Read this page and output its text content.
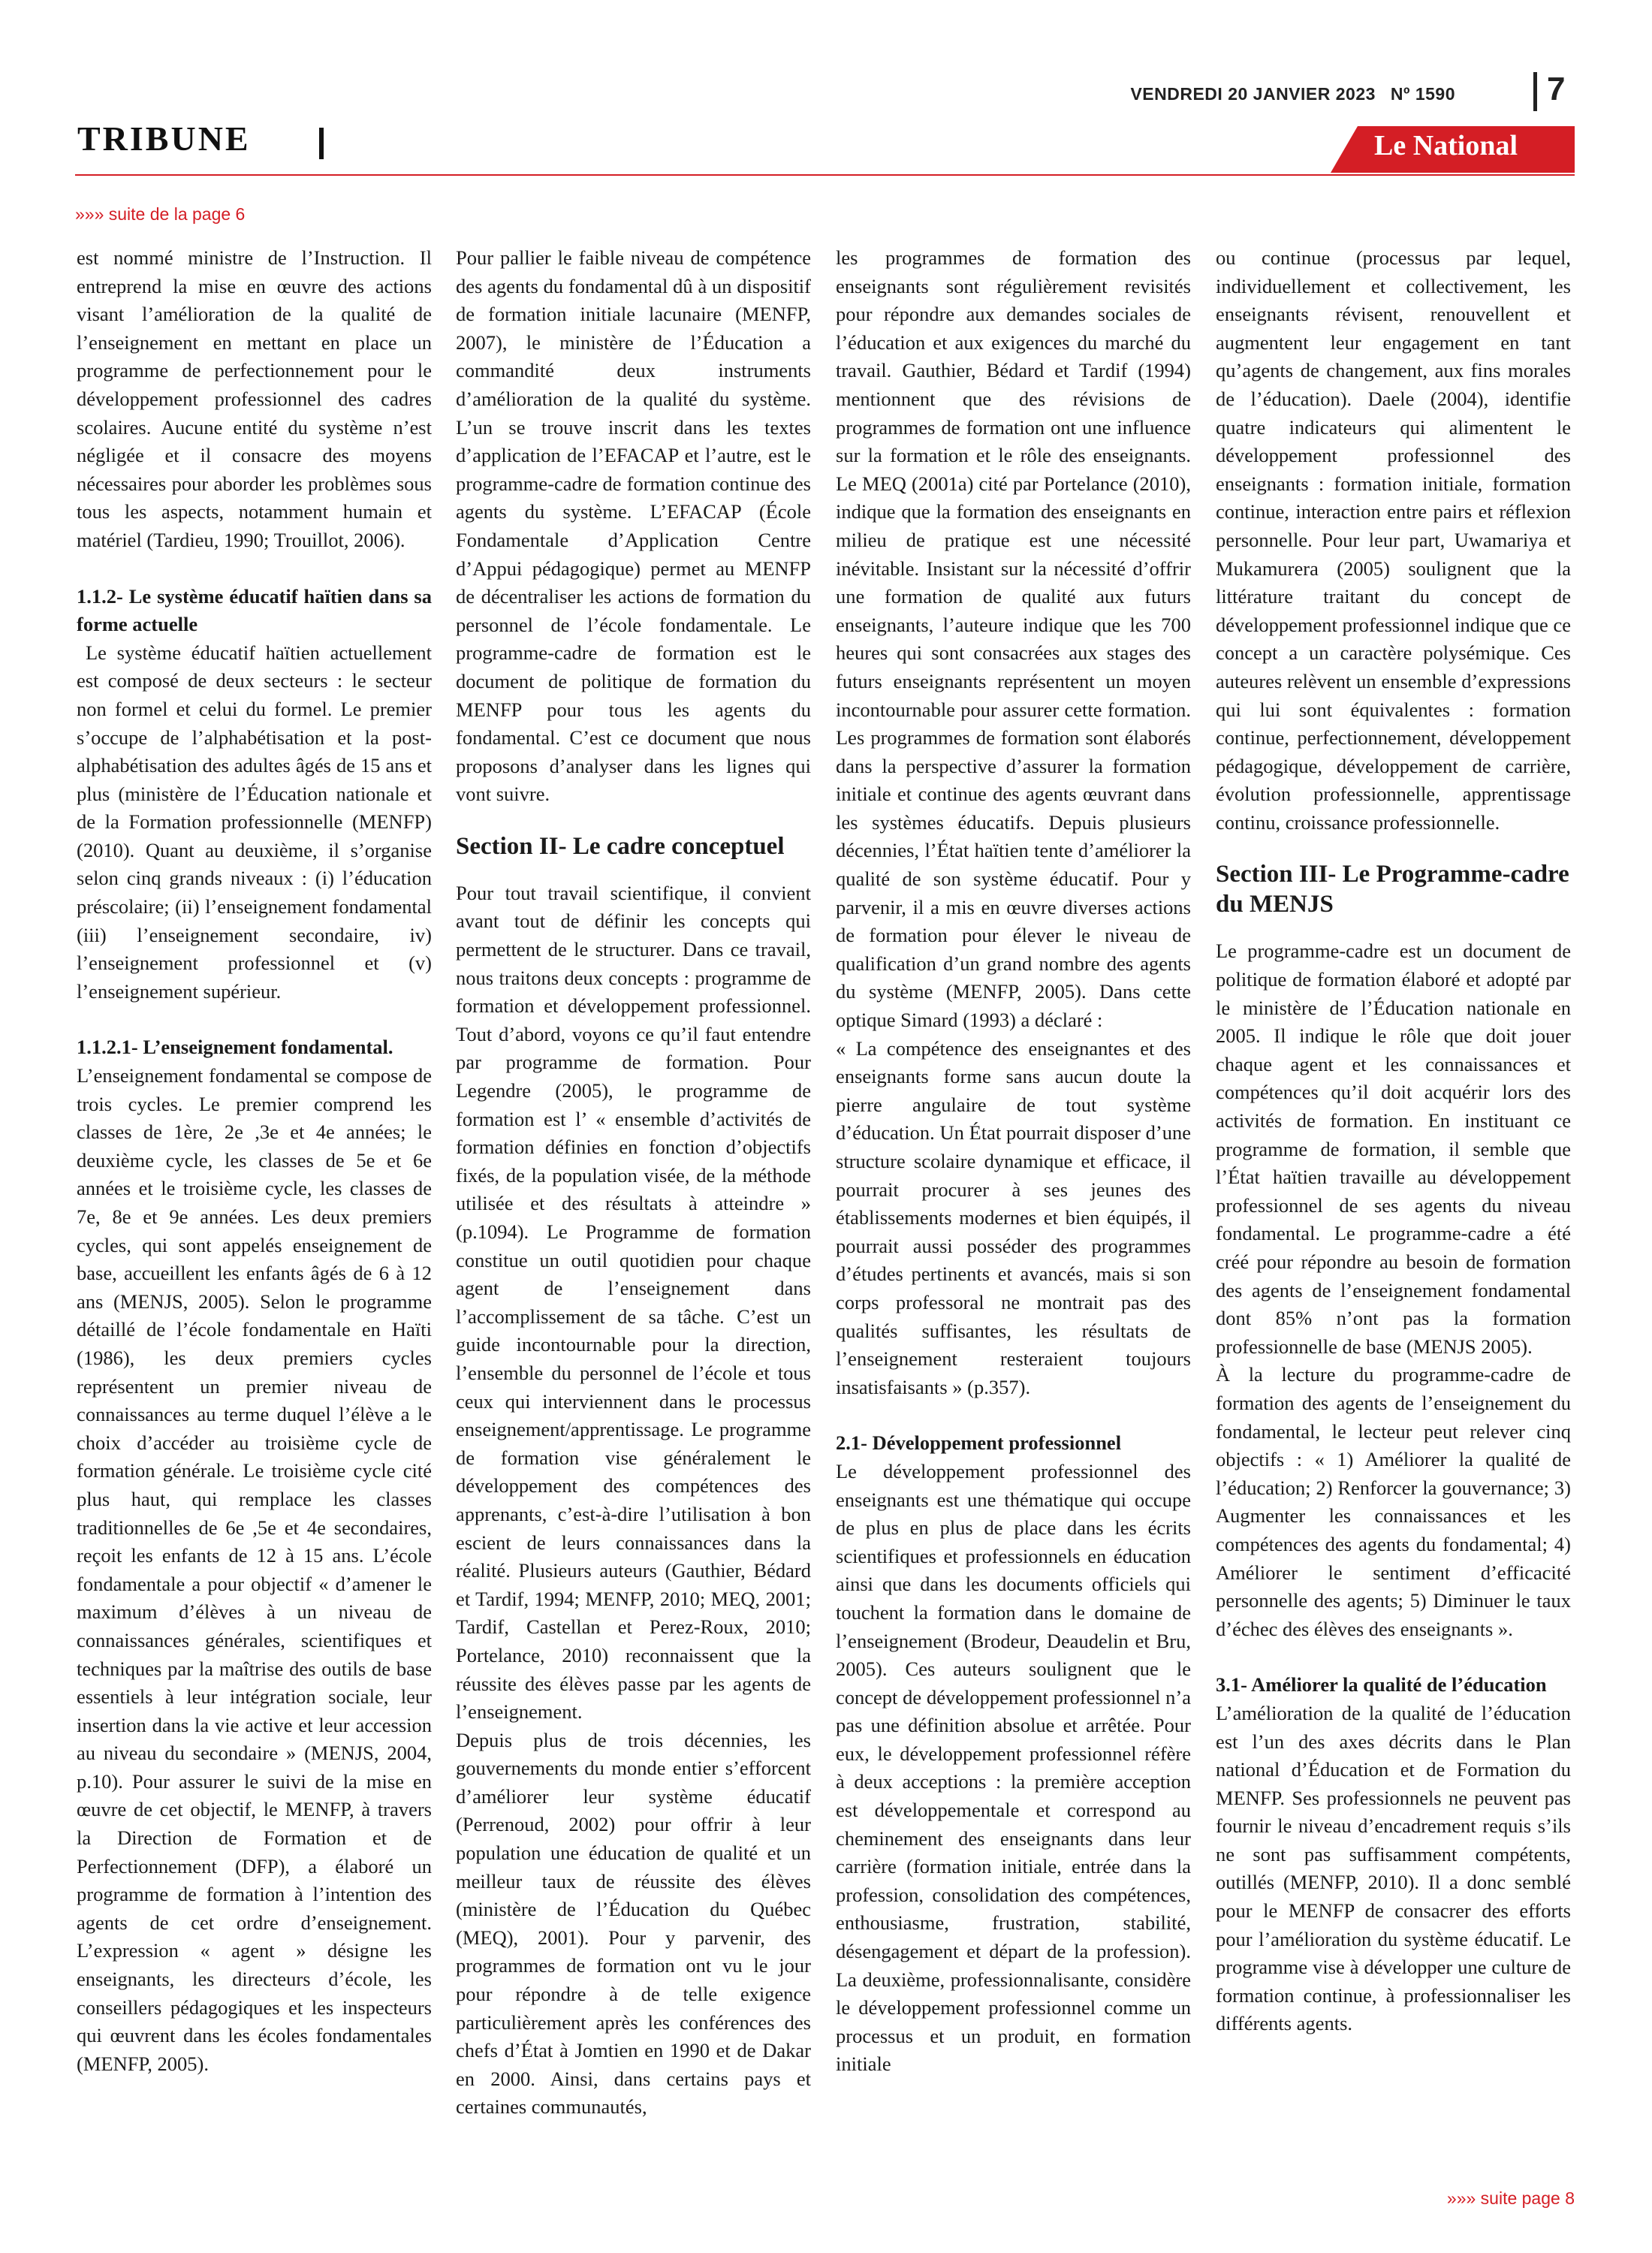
VENDREDI 20 JANVIER 2023 Nº 1590	7
TRIBUNE	Le National
»»» suite de la page 6

est nommé ministre de l’Instruction. Il entreprend la mise en œuvre des actions visant l’amélioration de la qualité de l’enseignement en mettant en place un programme de perfectionnement pour le développement professionnel des cadres scolaires. Aucune entité du système n’est négligée et il consacre des moyens nécessaires pour aborder les problèmes sous tous les aspects, notamment humain et matériel (Tardieu, 1990; Trouillot, 2006).

1.1.2- Le système éducatif haïtien dans sa forme actuelle

Le système éducatif haïtien actuellement est composé de deux secteurs : le secteur non formel et celui du formel. Le premier s’occupe de l’alphabétisation et la post-alphabétisation des adultes âgés de 15 ans et plus (ministère de l’Éducation nationale et de la Formation professionnelle (MENFP) (2010). Quant au deuxième, il s’organise selon cinq grands niveaux : (i) l’éducation préscolaire; (ii) l’enseignement fondamental (iii) l’enseignement secondaire, iv) l’enseignement professionnel et (v) l’enseignement supérieur.

1.1.2.1- L’enseignement fondamental.

L’enseignement fondamental se compose de trois cycles. Le premier comprend les classes de 1ère, 2e ,3e et 4e années; le deuxième cycle, les classes de 5e et 6e années et le troisième cycle, les classes de 7e, 8e et 9e années. Les deux premiers cycles, qui sont appelés enseignement de base, accueillent les enfants âgés de 6 à 12 ans (MENJS, 2005). Selon le programme détaillé de l’école fondamentale en Haïti (1986), les deux premiers cycles représentent un premier niveau de connaissances au terme duquel l’élève a le choix d’accéder au troisième cycle de formation générale. Le troisième cycle cité plus haut, qui remplace les classes traditionnelles de 6e ,5e et 4e secondaires, reçoit les enfants de 12 à 15 ans. L’école fondamentale a pour objectif « d’amener le maximum d’élèves à un niveau de connaissances générales, scientifiques et techniques par la maîtrise des outils de base essentiels à leur intégration sociale, leur insertion dans la vie active et leur accession au niveau du secondaire » (MENJS, 2004, p.10). Pour assurer le suivi de la mise en œuvre de cet objectif, le MENFP, à travers la Direction de Formation et de Perfectionnement (DFP), a élaboré un programme de formation à l’intention des agents de cet ordre d’enseignement. L’expression « agent » désigne les enseignants, les directeurs d’école, les conseillers pédagogiques et les inspecteurs qui œuvrent dans les écoles fondamentales (MENFP, 2005).

Pour pallier le faible niveau de compétence des agents du fondamental dû à un dispositif de formation initiale lacunaire (MENFP, 2007), le ministère de l’Éducation a commandité deux instruments d’amélioration de la qualité du système. L’un se trouve inscrit dans les textes d’application de l’EFACAP et l’autre, est le programme-cadre de formation continue des agents du système. L’EFACAP (École Fondamentale d’Application Centre d’Appui pédagogique) permet au MENFP de décentraliser les actions de formation du personnel de l’école fondamentale. Le programme-cadre de formation est le document de politique de formation du MENFP pour tous les agents du fondamental. C’est ce document que nous proposons d’analyser dans les lignes qui vont suivre.

Section II- Le cadre conceptuel

Pour tout travail scientifique, il convient avant tout de définir les concepts qui permettent de le structurer. Dans ce travail, nous traitons deux concepts : programme de formation et développement professionnel. Tout d’abord, voyons ce qu’il faut entendre par programme de formation. Pour Legendre (2005), le programme de formation est l’ « ensemble d’activités de formation définies en fonction d’objectifs fixés, de la population visée, de la méthode utilisée et des résultats à atteindre » (p.1094). Le Programme de formation constitue un outil quotidien pour chaque agent de l’enseignement dans l’accomplissement de sa tâche. C’est un guide incontournable pour la direction, l’ensemble du personnel de l’école et tous ceux qui interviennent dans le processus enseignement/apprentissage. Le programme de formation vise généralement le développement des compétences des apprenants, c’est-à-dire l’utilisation à bon escient de leurs connaissances dans la réalité. Plusieurs auteurs (Gauthier, Bédard et Tardif, 1994; MENFP, 2010; MEQ, 2001; Tardif, Castellan et Perez-Roux, 2010; Portelance, 2010) reconnaissent que la réussite des élèves passe par les agents de l’enseignement.

Depuis plus de trois décennies, les gouvernements du monde entier s’efforcent d’améliorer leur système éducatif (Perrenoud, 2002) pour offrir à leur population une éducation de qualité et un meilleur taux de réussite des élèves (ministère de l’Éducation du Québec (MEQ), 2001). Pour y parvenir, des programmes de formation ont vu le jour pour répondre à de telle exigence particulièrement après les conférences des chefs d’État à Jomtien en 1990 et de Dakar en 2000. Ainsi, dans certains pays et certaines communautés,

les programmes de formation des enseignants sont régulièrement revisités pour répondre aux demandes sociales de l’éducation et aux exigences du marché du travail. Gauthier, Bédard et Tardif (1994) mentionnent que des révisions de programmes de formation ont une influence sur la formation et le rôle des enseignants. Le MEQ (2001a) cité par Portelance (2010), indique que la formation des enseignants en milieu de pratique est une nécessité inévitable. Insistant sur la nécessité d’offrir une formation de qualité aux futurs enseignants, l’auteure indique que les 700 heures qui sont consacrées aux stages des futurs enseignants représentent un moyen incontournable pour assurer cette formation. Les programmes de formation sont élaborés dans la perspective d’assurer la formation initiale et continue des agents œuvrant dans les systèmes éducatifs. Depuis plusieurs décennies, l’État haïtien tente d’améliorer la qualité de son système éducatif. Pour y parvenir, il a mis en œuvre diverses actions de formation pour élever le niveau de qualification d’un grand nombre des agents du système (MENFP, 2005). Dans cette optique Simard (1993) a déclaré :

« La compétence des enseignantes et des enseignants forme sans aucun doute la pierre angulaire de tout système d’éducation. Un État pourrait disposer d’une structure scolaire dynamique et efficace, il pourrait procurer à ses jeunes des établissements modernes et bien équipés, il pourrait aussi posséder des programmes d’études pertinents et avancés, mais si son corps professoral ne montrait pas des qualités suffisantes, les résultats de l’enseignement resteraient toujours insatisfaisants » (p.357).

2.1- Développement professionnel

Le développement professionnel des enseignants est une thématique qui occupe de plus en plus de place dans les écrits scientifiques et professionnels en éducation ainsi que dans les documents officiels qui touchent la formation dans le domaine de l’enseignement (Brodeur, Deaudelin et Bru, 2005). Ces auteurs soulignent que le concept de développement professionnel n’a pas une définition absolue et arrêtée. Pour eux, le développement professionnel réfère à deux acceptions : la première acception est développementale et correspond au cheminement des enseignants dans leur carrière (formation initiale, entrée dans la profession, consolidation des compétences, enthousiasme, frustration, stabilité, désengagement et départ de la profession). La deuxième, professionnalisante, considère le développement professionnel comme un processus et un produit, en formation initiale

ou continue (processus par lequel, individuellement et collectivement, les enseignants révisent, renouvellent et augmentent leur engagement en tant qu’agents de changement, aux fins morales de l’éducation). Daele (2004), identifie quatre indicateurs qui alimentent le développement professionnel des enseignants : formation initiale, formation continue, interaction entre pairs et réflexion personnelle. Pour leur part, Uwamariya et Mukamurera (2005) soulignent que la littérature traitant du concept de développement professionnel indique que ce concept a un caractère polysémique. Ces auteures relèvent un ensemble d’expressions qui lui sont équivalentes : formation continue, perfectionnement, développement pédagogique, développement de carrière, évolution professionnelle, apprentissage continu, croissance professionnelle.

Section III- Le Programme-cadre du MENJS

Le programme-cadre est un document de politique de formation élaboré et adopté par le ministère de l’Éducation nationale en 2005. Il indique le rôle que doit jouer chaque agent et les connaissances et compétences qu’il doit acquérir lors des activités de formation. En instituant ce programme de formation, il semble que l’État haïtien travaille au développement professionnel de ses agents du niveau fondamental. Le programme-cadre a été créé pour répondre au besoin de formation des agents de l’enseignement fondamental dont 85% n’ont pas la formation professionnelle de base (MENJS 2005).

À la lecture du programme-cadre de formation des agents de l’enseignement du fondamental, le lecteur peut relever cinq objectifs : « 1) Améliorer la qualité de l’éducation; 2) Renforcer la gouvernance; 3) Augmenter les connaissances et les compétences des agents du fondamental; 4) Améliorer le sentiment d’efficacité personnelle des agents; 5) Diminuer le taux d’échec des élèves des enseignants ».

3.1- Améliorer la qualité de l’éducation

L’amélioration de la qualité de l’éducation est l’un des axes décrits dans le Plan national d’Éducation et de Formation du MENFP. Ses professionnels ne peuvent pas fournir le niveau d’encadrement requis s’ils ne sont pas suffisamment compétents, outillés (MENFP, 2010). Il a donc semblé pour le MENFP de consacrer des efforts pour l’amélioration du système éducatif. Le programme vise à développer une culture de formation continue, à professionnaliser les différents agents.

»»» suite page 8
